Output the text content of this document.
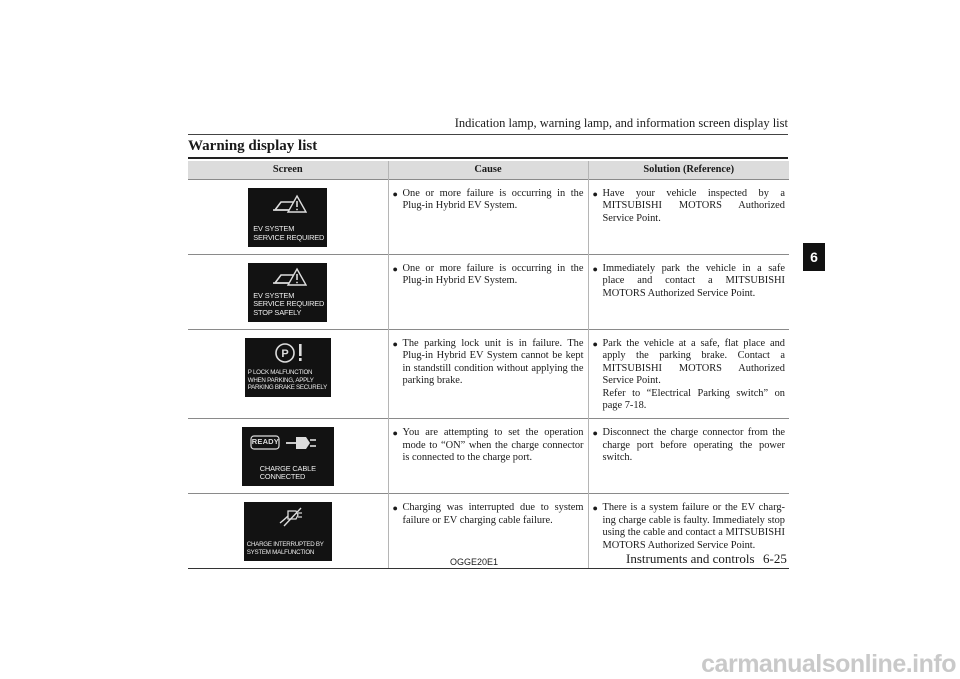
Indication lamp, warning lamp, and information screen display list
Warning display list
6
Screen	Cause	Solution (Reference)

EV SYSTEM
SERVICE REQUIRED	● One or more failure is occurring in the Plug-in Hybrid EV System.	● Have your vehicle inspected by a MITSUBISHI MOTORS Authorized Service Point.

EV SYSTEM
SERVICE REQUIRED
STOP SAFELY	● One or more failure is occurring in the Plug-in Hybrid EV System.	● Immediately park the vehicle in a safe place and contact a MITSUBISHI MOTORS Authorized Service Point.

P
P LOCK MALFUNCTION
WHEN PARKING, APPLY
PARKING BRAKE SECURELY	● The parking lock unit is in failure. The Plug-in Hybrid EV System cannot be kept in standstill condition without applying the parking brake.	● Park the vehicle at a safe, flat place and apply the parking brake. Contact a MITSUBISHI MOTORS Authorized Service Point.
Refer to “Electrical Parking switch” on page 7-18.

READY
CHARGE CABLE
CONNECTED	● You are attempting to set the operation mode to “ON” when the charge connector is connected to the charge port.	● Disconnect the charge connector from the charge port before operating the power switch.

CHARGE INTERRUPTED BY
SYSTEM MALFUNCTION	● Charging was interrupted due to system failure or EV charging cable failure.	● There is a system failure or the EV charg-ing charge cable is faulty. Immediately stop using the cable and contact a MITSUBISHI MOTORS Authorized Service Point.
OGGE20E1	Instruments and controls 6-25
carmanualsonline.info
